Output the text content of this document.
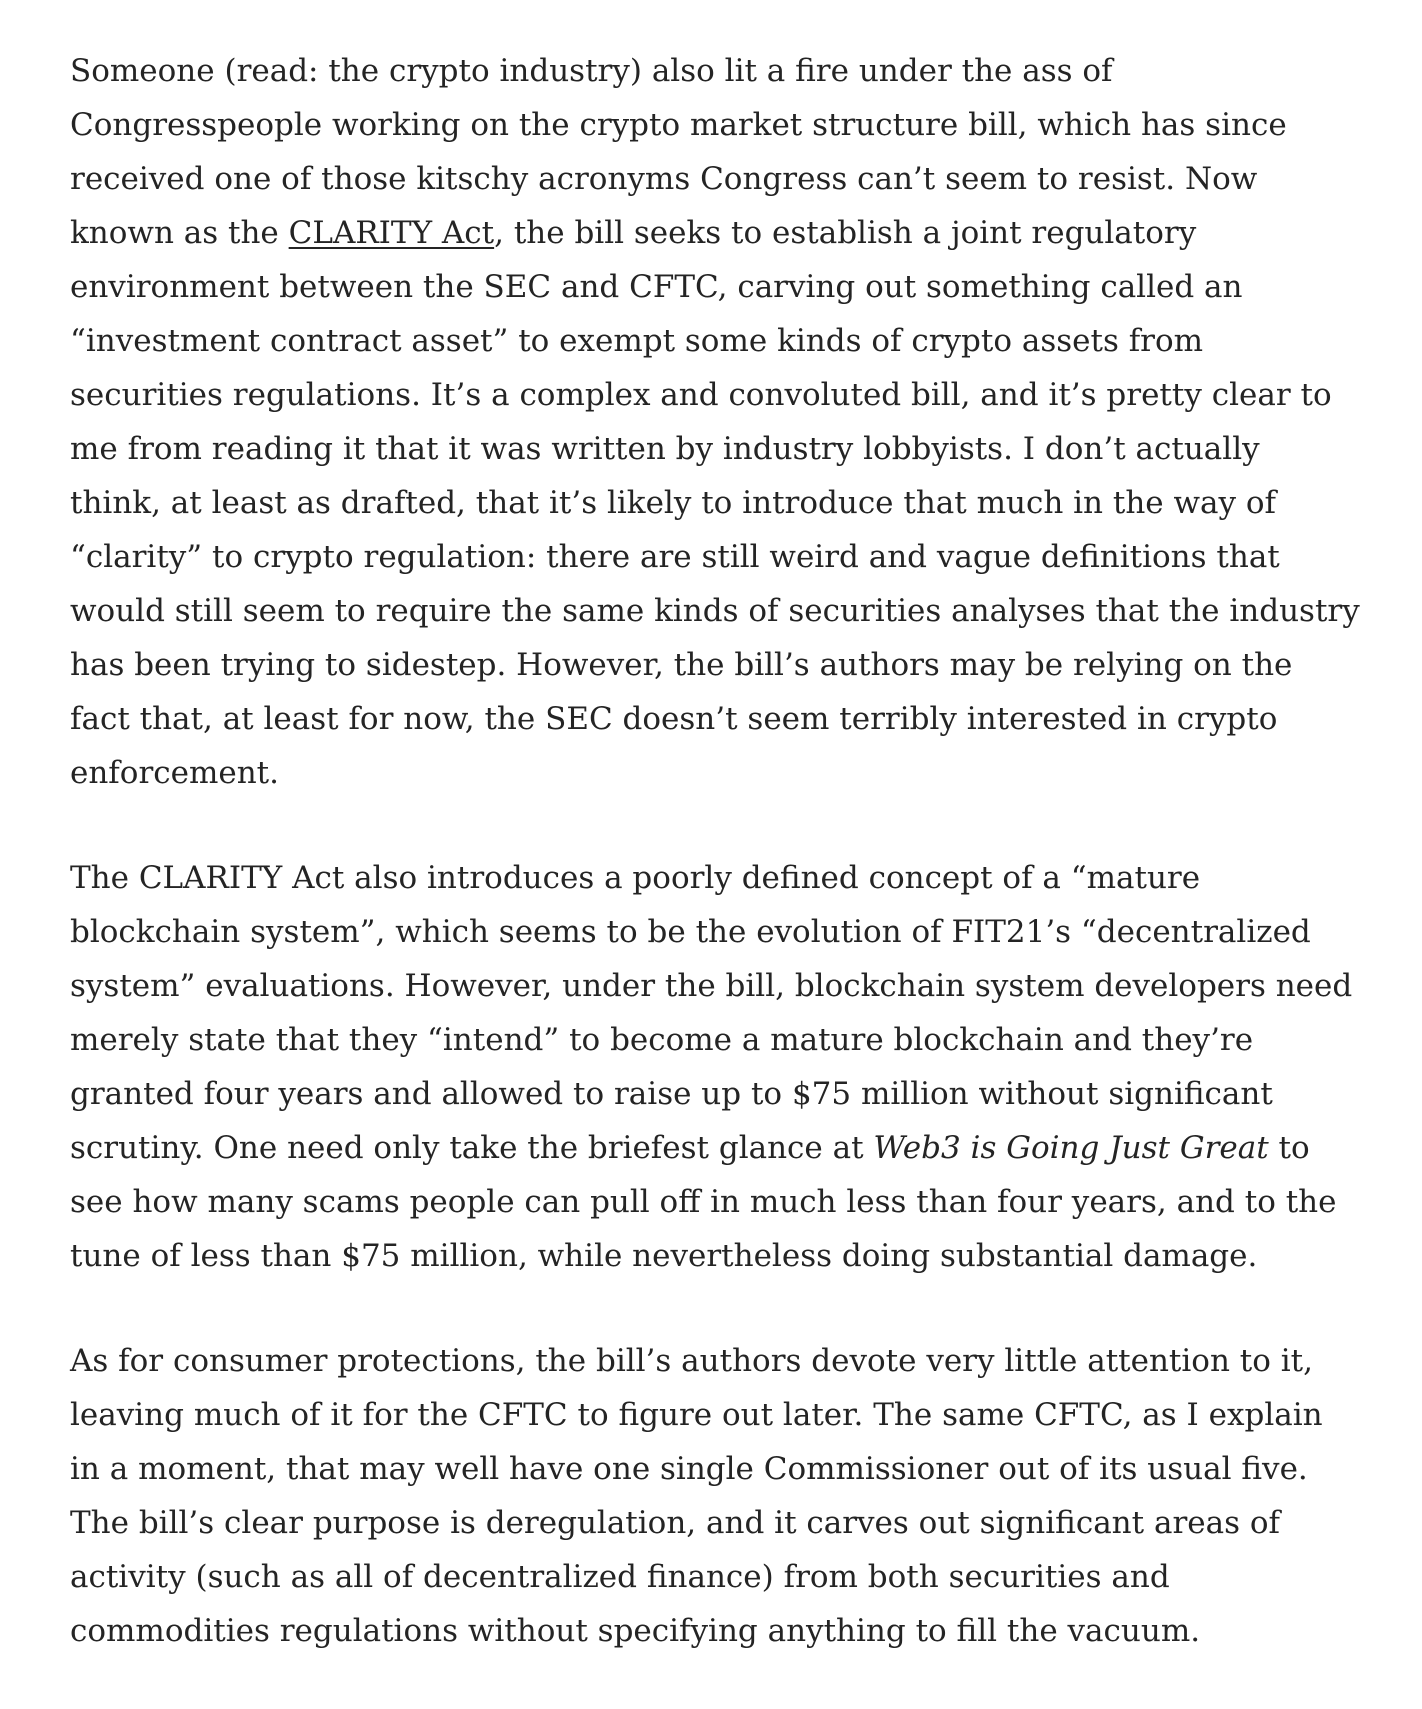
Someone (read: the crypto industry) also lit a fire under the ass of Congresspeople working on the crypto market structure bill, which has since received one of those kitschy acronyms Congress can’t seem to resist. Now known as the CLARITY Act, the bill seeks to establish a joint regulatory environment between the SEC and CFTC, carving out something called an “investment contract asset” to exempt some kinds of crypto assets from securities regulations. It’s a complex and convoluted bill, and it’s pretty clear to me from reading it that it was written by industry lobbyists. I don’t actually think, at least as drafted, that it’s likely to introduce that much in the way of “clarity” to crypto regulation: there are still weird and vague definitions that would still seem to require the same kinds of securities analyses that the industry has been trying to sidestep. However, the bill’s authors may be relying on the fact that, at least for now, the SEC doesn’t seem terribly interested in crypto enforcement.

The CLARITY Act also introduces a poorly defined concept of a “mature blockchain system”, which seems to be the evolution of FIT21’s “decentralized system” evaluations. However, under the bill, blockchain system developers need merely state that they “intend” to become a mature blockchain and they’re granted four years and allowed to raise up to $75 million without significant scrutiny. One need only take the briefest glance at Web3 is Going Just Great to see how many scams people can pull off in much less than four years, and to the tune of less than $75 million, while nevertheless doing substantial damage.

As for consumer protections, the bill’s authors devote very little attention to it, leaving much of it for the CFTC to figure out later. The same CFTC, as I explain in a moment, that may well have one single Commissioner out of its usual five. The bill’s clear purpose is deregulation, and it carves out significant areas of activity (such as all of decentralized finance) from both securities and commodities regulations without specifying anything to fill the vacuum.
